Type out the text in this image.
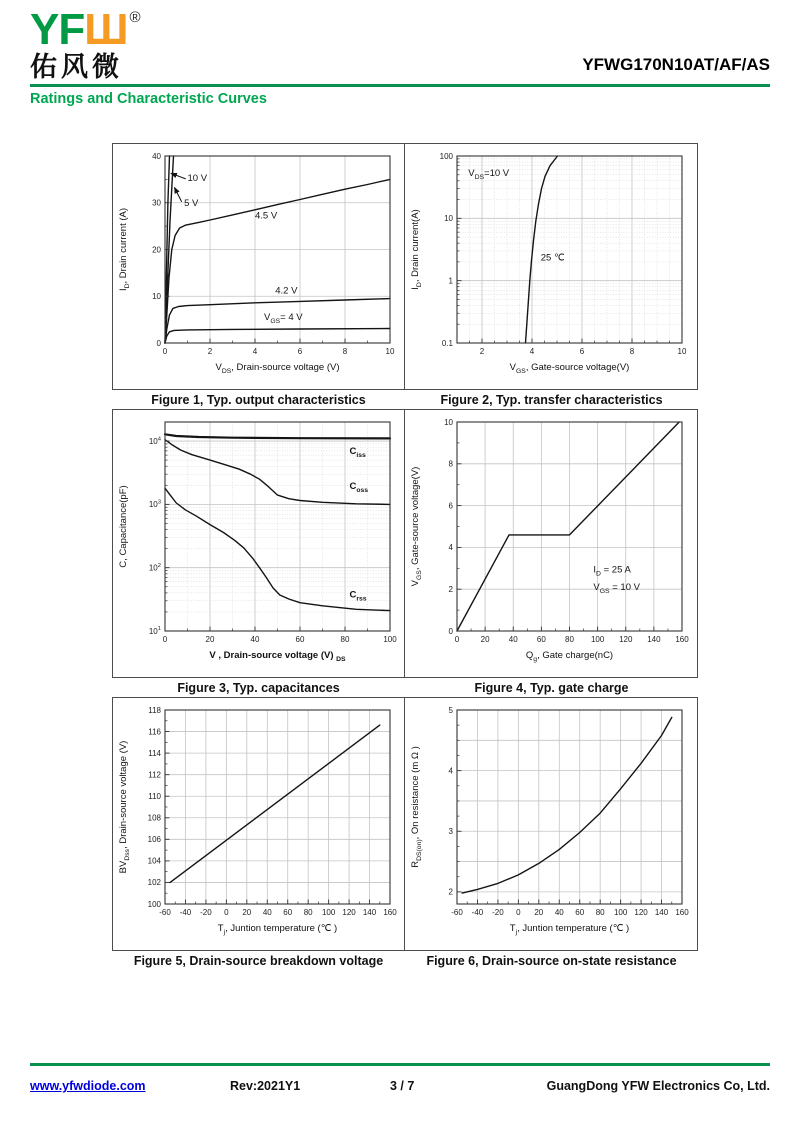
YFШ ®
佑风微	YFWG170N10AT/AF/AS
Ratings and Characteristic Curves
10 V
5 V
4.5 V
4.2 V
$V_{GS}= 4$ V
0	2	4	6	8	10
0
10
20
30
40
$V_{DS}$, Drain-source voltage (V)
$I_D$, Drain current (A)
$V_{DS}=10$ V
25 ℃
2	4	6	8	10
0.1
1
10
100
$V_{GS}$, Gate-source voltage(V)
$I_D$, Drain current(A)
Figure 1, Typ. output characteristics	Figure 2, Typ. transfer characteristics
$C_{iss}$
$C_{oss}$
$C_{rss}$
0	20	40	60	80	100
$10^1$
$10^2$
$10^3$
$10^4$
V , Drain-source voltage (V) $_{DS}$
C, Capacitance(pF)
$I_D = 25$ A
$V_{GS} = 10$ V
0	20 40 60 80 100 120 140 160
0
2
4
6
8
10
$Q_g$, Gate charge(nC)
$V_{GS}$, Gate-source voltage(V)
Figure 3, Typ. capacitances	Figure 4, Typ. gate charge
-60 -40 -20 0 20 40 60 80 100 120 140 160
100
102
104
106
108
110
112
114
116
118
$T_j$, Juntion temperature (℃ )
$BV_{Dss}$, Drain-source voltage (V)
-60 -40 -20 0 20 40 60 80 100 120 140 160
2
3
4
5
$T_j$, Juntion temperature (℃ )
$R_{DS(on)}$, On resistance (m Ω )
Figure 5, Drain-source breakdown voltage	Figure 6, Drain-source on-state resistance
www.yfwdiode.com	Rev:2021Y1	3 / 7	GuangDong YFW Electronics Co, Ltd.
